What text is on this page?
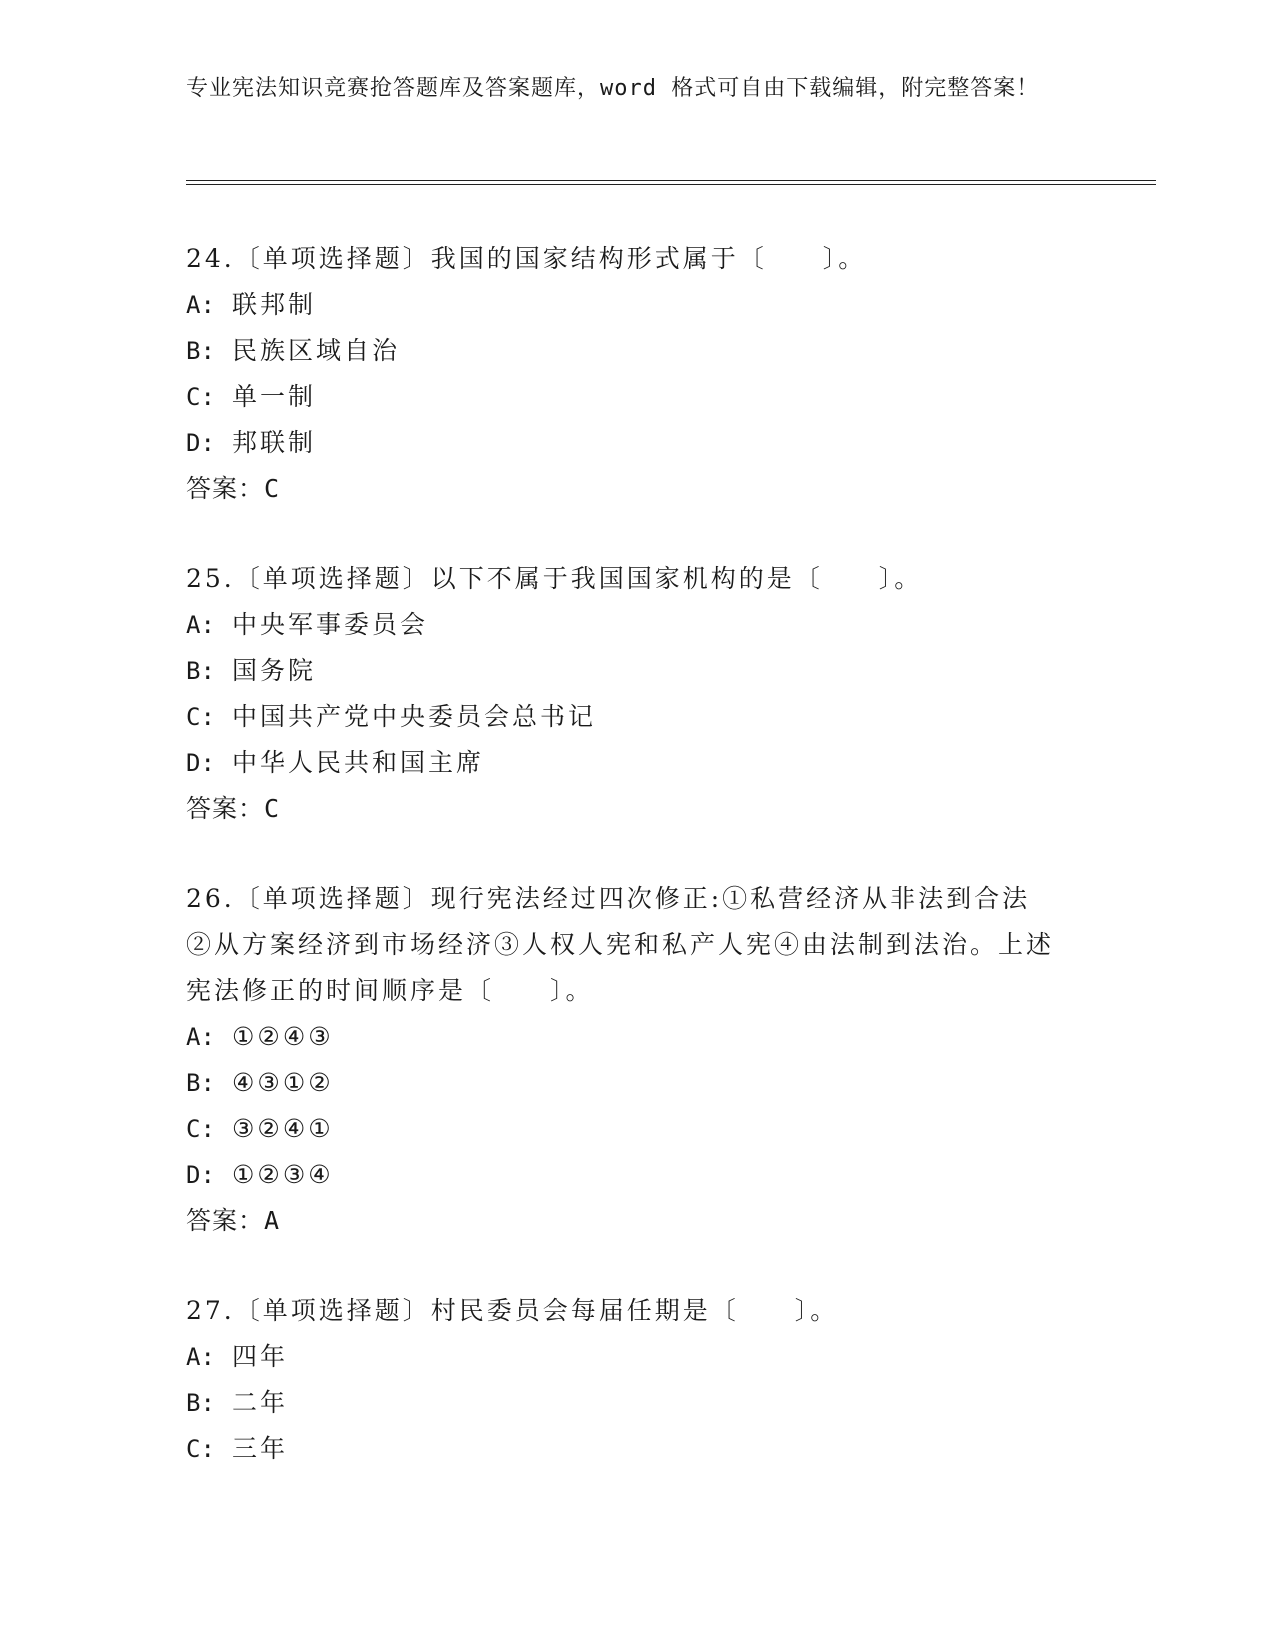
专业宪法知识竞赛抢答题库及答案题库，word 格式可自由下载编辑，附完整答案！

24.〔单项选择题〕我国的国家结构形式属于〔　　〕。

A: 联邦制

B: 民族区域自治

C: 单一制

D: 邦联制

答案：C

25.〔单项选择题〕以下不属于我国国家机构的是〔　　〕。

A: 中央军事委员会

B: 国务院

C: 中国共产党中央委员会总书记

D: 中华人民共和国主席

答案：C

26.〔单项选择题〕现行宪法经过四次修正:①私营经济从非法到合法②从方案经济到市场经济③人权人宪和私产人宪④由法制到法治。上述宪法修正的时间顺序是〔　　〕。

A: ①②④③

B: ④③①②

C: ③②④①

D: ①②③④

答案：A

27.〔单项选择题〕村民委员会每届任期是〔　　〕。

A: 四年

B: 二年

C: 三年
